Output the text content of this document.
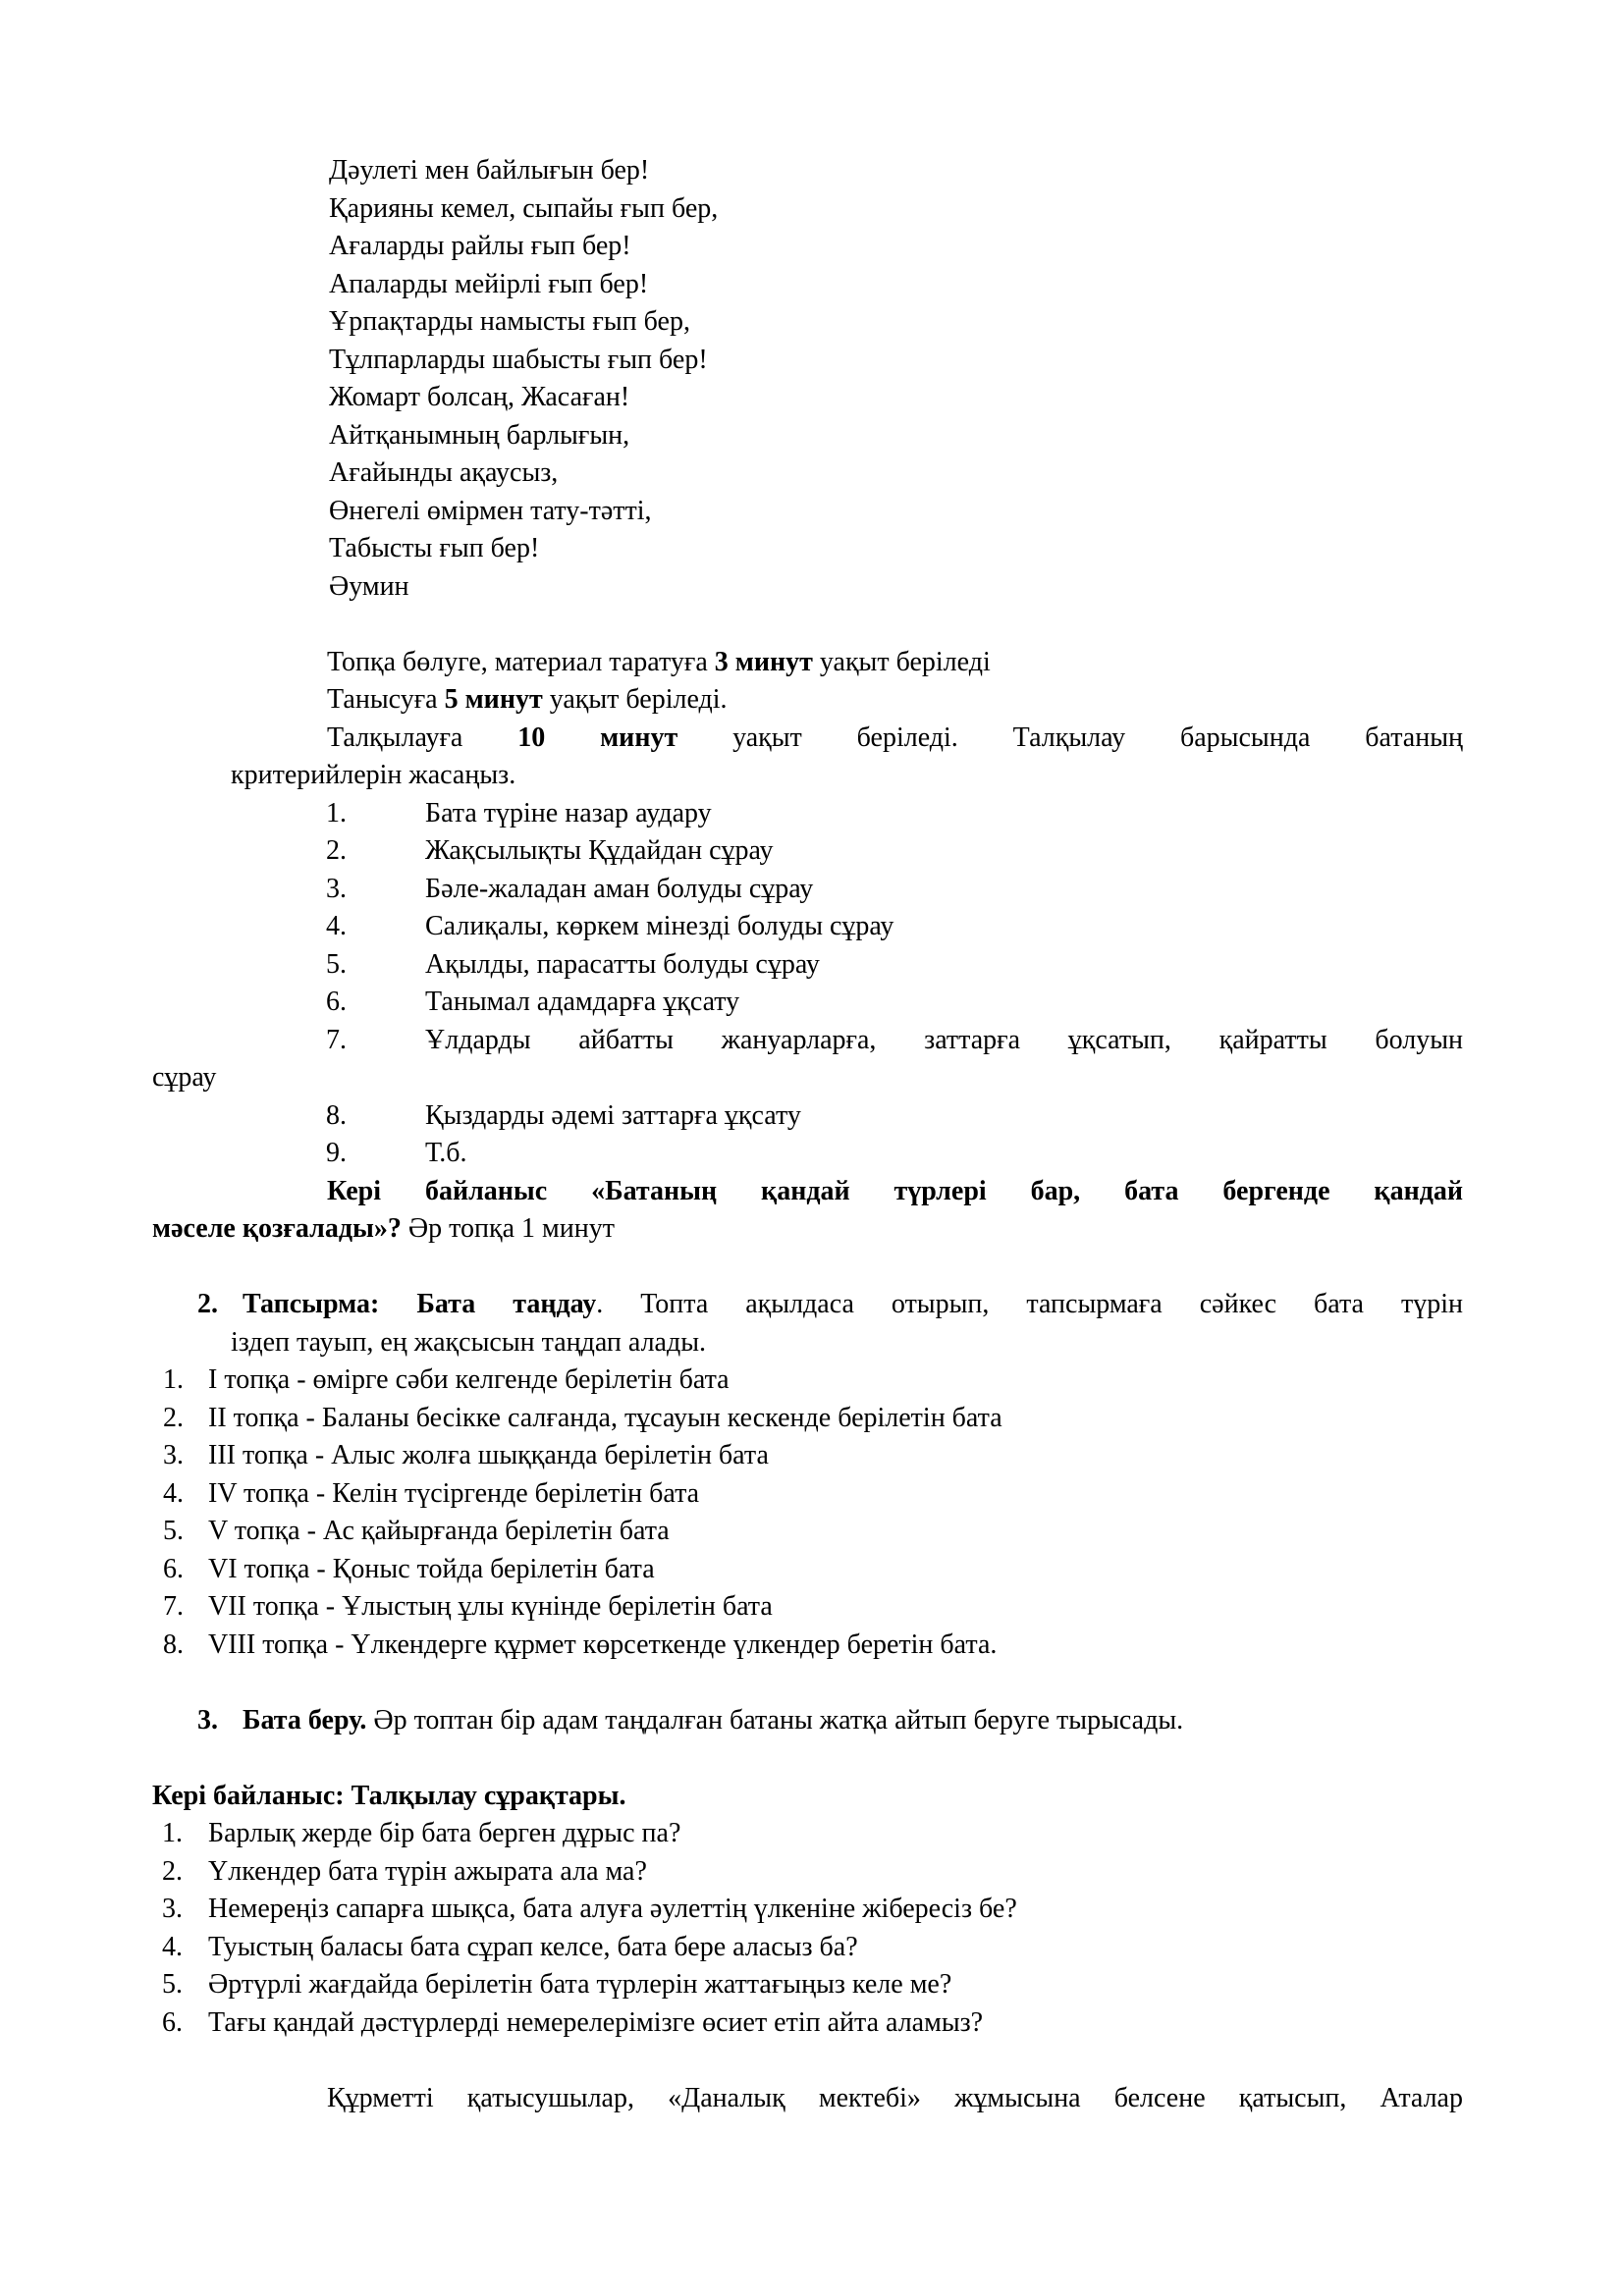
Дәулеті мен байлығын бер!
Қарияны кемел, сыпайы ғып бер,
Ағаларды райлы ғып бер!
Апаларды мейірлі ғып бер!
Ұрпақтарды намысты ғып бер,
Тұлпарларды шабысты ғып бер!
Жомарт болсаң, Жасаған!
Айтқанымның барлығын,
Ағайынды ақаусыз,
Өнегелі өмірмен тату-тәтті,
Табысты ғып бер!
Әумин
Топқа бөлуге, материал таратуға 3 минут уақыт беріледі
Танысуға 5 минут уақыт беріледі.
Талқылауға 10 минут уақыт беріледі. Талқылау барысында батаның
критерийлерін жасаңыз.
1.	Бата түріне назар аудару
2.	Жақсылықты Құдайдан сұрау
3.	Бәле-жаладан аман болуды сұрау
4.	Салиқалы, көркем мінезді болуды сұрау
5.	Ақылды, парасатты болуды сұрау
6.	Танымал адамдарға ұқсату
7.	Ұлдарды айбатты жануарларға, заттарға ұқсатып, қайратты болуын
сұрау
8.	Қыздарды әдемі заттарға ұқсату
9.	Т.б.
Кері байланыс «Батаның қандай түрлері бар, бата бергенде қандай
мәселе қозғалады»? Әр топқа 1 минут
2. Тапсырма: Бата таңдау. Топта ақылдаса отырып, тапсырмаға сәйкес бата түрін
іздеп тауып, ең жақсысын таңдап алады.
1. I топқа - өмірге сәби келгенде берілетін бата
2. II топқа - Баланы бесікке салғанда, тұсауын кескенде берілетін бата
3. III топқа - Алыс жолға шыққанда берілетін бата
4. IV топқа - Келін түсіргенде берілетін бата
5. V топқа - Ас қайырғанда берілетін бата
6. VI топқа - Қоныс тойда берілетін бата
7. VII топқа - Ұлыстың ұлы күнінде берілетін бата
8. VIII топқа - Үлкендерге құрмет көрсеткенде үлкендер беретін бата.
3. Бата беру. Әр топтан бір адам таңдалған батаны жатқа айтып беруге тырысады.
Кері байланыс: Талқылау сұрақтары.
1. Барлық жерде бір бата берген дұрыс па?
2. Үлкендер бата түрін ажырата ала ма?
3. Немереңіз сапарға шықса, бата алуға әулеттің үлкеніне жібересіз бе?
4. Туыстың баласы бата сұрап келсе, бата бере аласыз ба?
5. Әртүрлі жағдайда берілетін бата түрлерін жаттағыңыз келе ме?
6. Тағы қандай дәстүрлерді немерелерімізге өсиет етіп айта аламыз?
Құрметті қатысушылар, «Даналық мектебі» жұмысына белсене қатысып, Аталар
